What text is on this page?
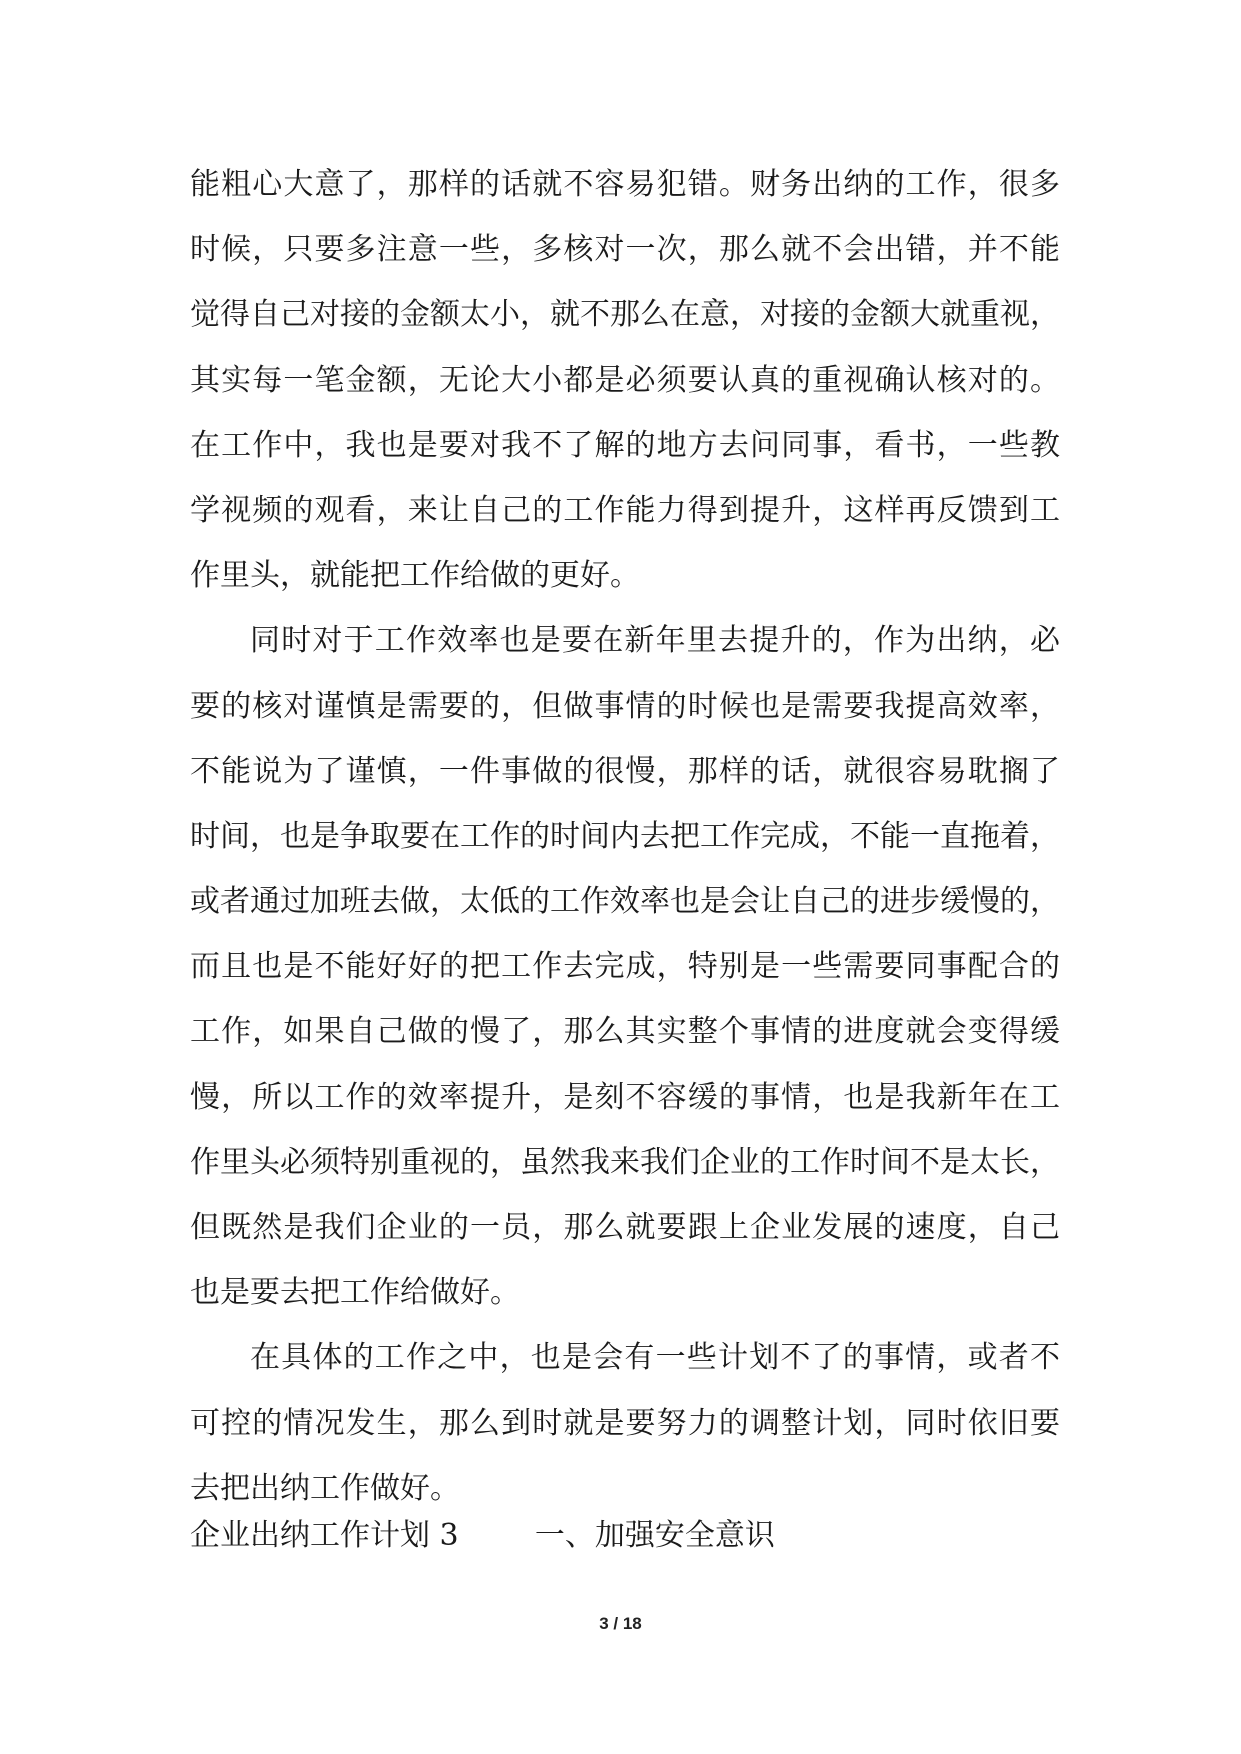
能粗心大意了，那样的话就不容易犯错。财务出纳的工作，很多
时候，只要多注意一些，多核对一次，那么就不会出错，并不能
觉得自己对接的金额太小，就不那么在意，对接的金额大就重视，
其实每一笔金额，无论大小都是必须要认真的重视确认核对的。
在工作中，我也是要对我不了解的地方去问同事，看书，一些教
学视频的观看，来让自己的工作能力得到提升，这样再反馈到工
作里头，就能把工作给做的更好。
同时对于工作效率也是要在新年里去提升的，作为出纳，必
要的核对谨慎是需要的，但做事情的时候也是需要我提高效率，
不能说为了谨慎，一件事做的很慢，那样的话，就很容易耽搁了
时间，也是争取要在工作的时间内去把工作完成，不能一直拖着，
或者通过加班去做，太低的工作效率也是会让自己的进步缓慢的，
而且也是不能好好的把工作去完成，特别是一些需要同事配合的
工作，如果自己做的慢了，那么其实整个事情的进度就会变得缓
慢，所以工作的效率提升，是刻不容缓的事情，也是我新年在工
作里头必须特别重视的，虽然我来我们企业的工作时间不是太长，
但既然是我们企业的一员，那么就要跟上企业发展的速度，自己
也是要去把工作给做好。
在具体的工作之中，也是会有一些计划不了的事情，或者不
可控的情况发生，那么到时就是要努力的调整计划，同时依旧要
去把出纳工作做好。
企业出纳工作计划 3	一、加强安全意识
3 / 18
